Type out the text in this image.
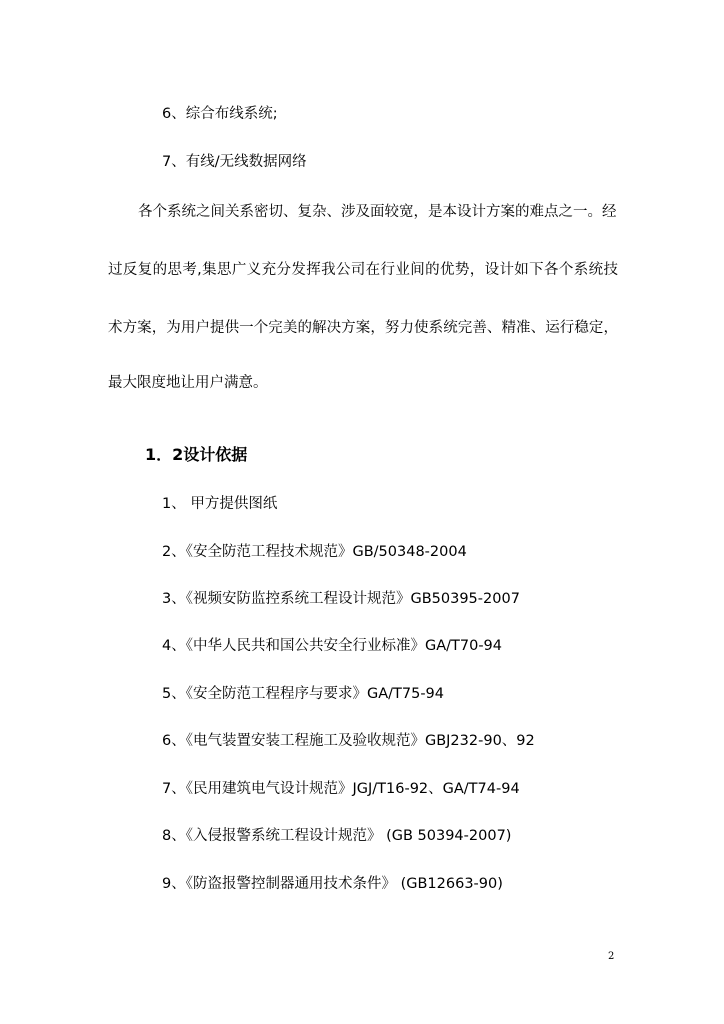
6、综合布线系统;
7、有线/无线数据网络
各个系统之间关系密切、复杂、涉及面较宽，是本设计方案的难点之一。经
过反复的思考,集思广义充分发挥我公司在行业间的优势，设计如下各个系统技
术方案，为用户提供一个完美的解决方案，努力使系统完善、精准、运行稳定，
最大限度地让用户满意。
1．2设计依据
1、 甲方提供图纸
2、《安全防范工程技术规范》GB/50348-2004
3、《视频安防监控系统工程设计规范》GB50395-2007
4、《中华人民共和国公共安全行业标准》GA/T70-94
5、《安全防范工程程序与要求》GA/T75-94
6、《电气装置安装工程施工及验收规范》GBJ232-90、92
7、《民用建筑电气设计规范》JGJ/T16-92、GA/T74-94
8、《入侵报警系统工程设计规范》 (GB 50394-2007)
9、《防盗报警控制器通用技术条件》 (GB12663-90)
2
